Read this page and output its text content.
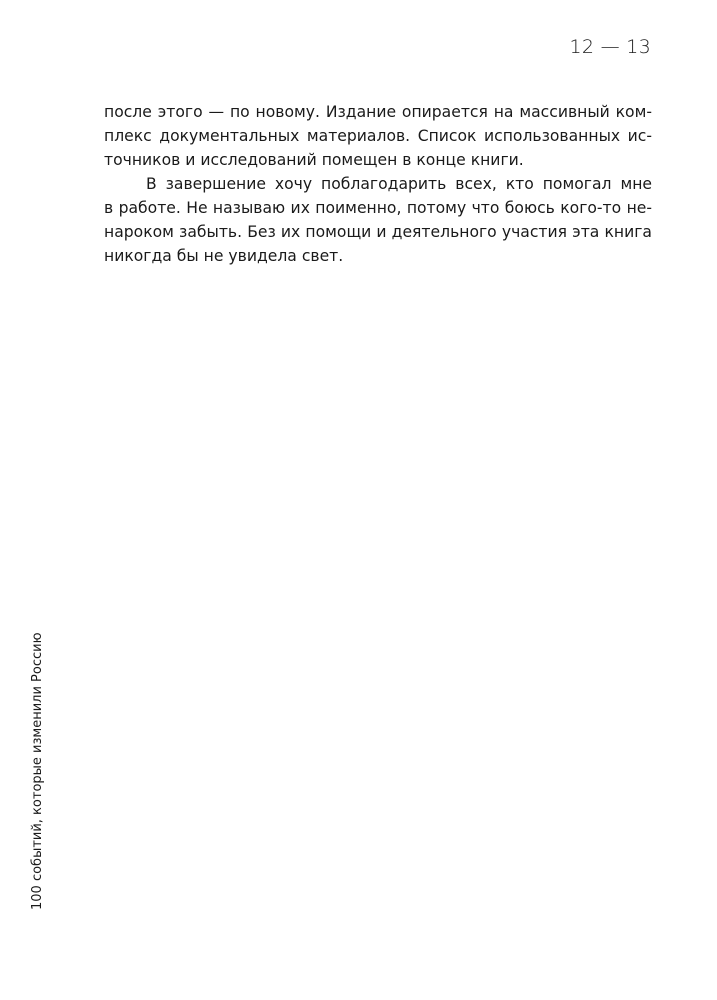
12 — 13
после этого — по новому. Издание опирается на массивный ком-
плекс документальных материалов. Список использованных ис-
точников и исследований помещен в конце книги.
В завершение хочу поблагодарить всех, кто помогал мне
в работе. Не называю их поименно, потому что боюсь кого-то не-
нароком забыть. Без их помощи и деятельного участия эта книга
никогда бы не увидела свет.
100 событий, которые изменили Россию
